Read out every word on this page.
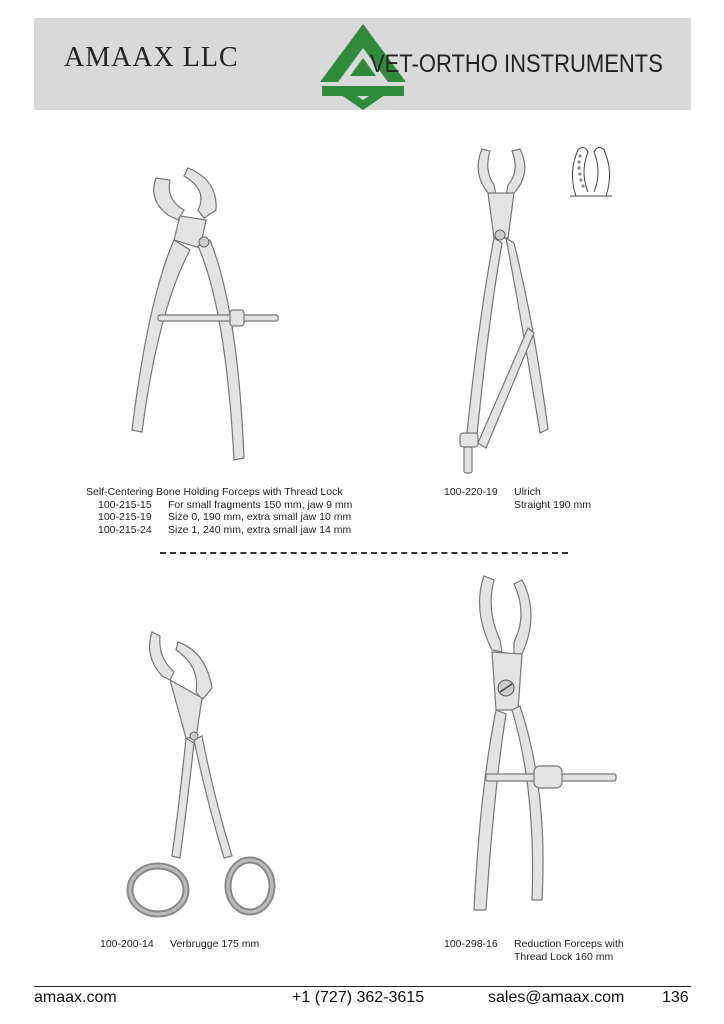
AMAAX LLC	VET-ORTHO INSTRUMENTS
Self-Centering Bone Holding Forceps with Thread Lock
100-215-15 For small fragments 150 mm, jaw 9 mm
100-215-19 Size 0, 190 mm, extra small jaw 10 mm
100-215-24 Size 1, 240 mm, extra small jaw 14 mm
100-220-19 Ulrich
Straight 190 mm
100-200-14 Verbrugge 175 mm	100-298-16 Reduction Forceps with
Thread Lock 160 mm
amaax.com	+1 (727) 362-3615	sales@amaax.com 136
